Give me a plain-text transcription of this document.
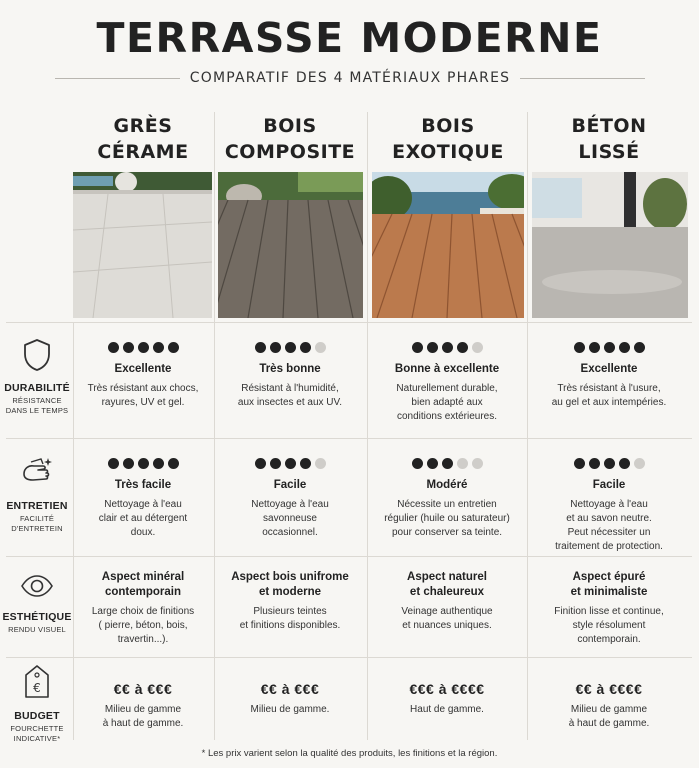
TERRASSE MODERNE
COMPARATIF DES 4 MATÉRIAUX PHARES
GRÈS
CÉRAME
BOIS
COMPOSITE
BOIS
EXOTIQUE
BÉTON
LISSÉ
DURABILITÉ
RÉSISTANCE
DANS LE TEMPS
ENTRETIEN
FACILITÉ
D'ENTRETEIN
ESTHÉTIQUE
RENDU VISUEL
€
BUDGET
FOURCHETTE
INDICATIVE*
Excellente
Très résistant aux chocs,
rayures, UV et gel.
Très bonne
Résistant à l'humidité,
aux insectes et aux UV.
Bonne à excellente
Naturellement durable,
bien adapté aux
conditions extérieures.
Excellente
Très résistant à l'usure,
au gel et aux intempéries.
Très facile
Nettoyage à l'eau
clair et au détergent
doux.
Facile
Nettoyage à l'eau
savonneuse
occasionnel.
Modéré
Nécessite un entretien
régulier (huile ou saturateur)
pour conserver sa teinte.
Facile
Nettoyage à l'eau
et au savon neutre.
Peut nécessiter un
traitement de protection.
Aspect minéral
contemporain
Large choix de finitions
( pierre, béton, bois,
travertin...).
Aspect bois unifrome
et moderne
Plusieurs teintes
et finitions disponibles.
Aspect naturel
et chaleureux
Veinage authentique
et nuances uniques.
Aspect épuré
et minimaliste
Finition lisse et continue,
style résolument
contemporain.
€€ à €€€
Milieu de gamme
à haut de gamme.
€€ à €€€
Milieu de gamme.
€€€ à €€€€
Haut de gamme.
€€ à €€€€
Milieu de gamme
à haut de gamme.
* Les prix varient selon la qualité des produits, les finitions et la région.
